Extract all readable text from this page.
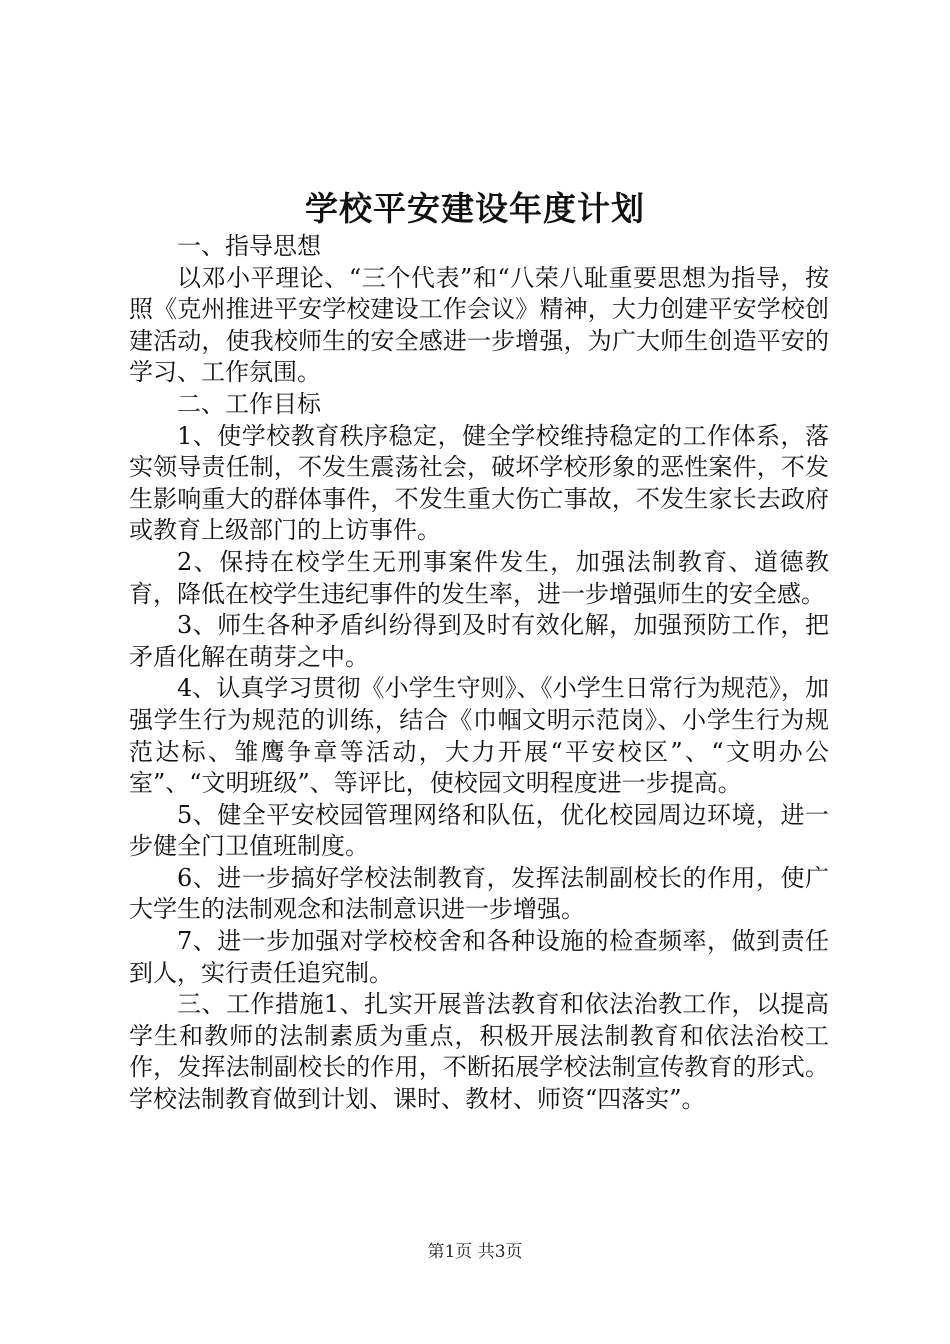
学校平安建设年度计划

一、指导思想

以邓小平理论、“三个代表”和“八荣八耻重要思想为指导，按照《克州推进平安学校建设工作会议》精神，大力创建平安学校创建活动，使我校师生的安全感进一步增强，为广大师生创造平安的学习、工作氛围。

二、工作目标

1、使学校教育秩序稳定，健全学校维持稳定的工作体系，落实领导责任制，不发生震荡社会，破坏学校形象的恶性案件，不发生影响重大的群体事件，不发生重大伤亡事故，不发生家长去政府或教育上级部门的上访事件。

2、保持在校学生无刑事案件发生，加强法制教育、道德教育，降低在校学生违纪事件的发生率，进一步增强师生的安全感。

3、师生各种矛盾纠纷得到及时有效化解，加强预防工作，把矛盾化解在萌芽之中。

4、认真学习贯彻《小学生守则》、《小学生日常行为规范》，加强学生行为规范的训练，结合《巾帼文明示范岗》、小学生行为规范达标、雏鹰争章等活动，大力开展“平安校区”、“文明办公室”、“文明班级”、等评比，使校园文明程度进一步提高。

5、健全平安校园管理网络和队伍，优化校园周边环境，进一步健全门卫值班制度。

6、进一步搞好学校法制教育，发挥法制副校长的作用，使广大学生的法制观念和法制意识进一步增强。

7、进一步加强对学校校舍和各种设施的检查频率，做到责任到人，实行责任追究制。

三、工作措施1、扎实开展普法教育和依法治教工作，以提高学生和教师的法制素质为重点，积极开展法制教育和依法治校工作，发挥法制副校长的作用，不断拓展学校法制宣传教育的形式。学校法制教育做到计划、课时、教材、师资“四落实”。

第1页 共3页
